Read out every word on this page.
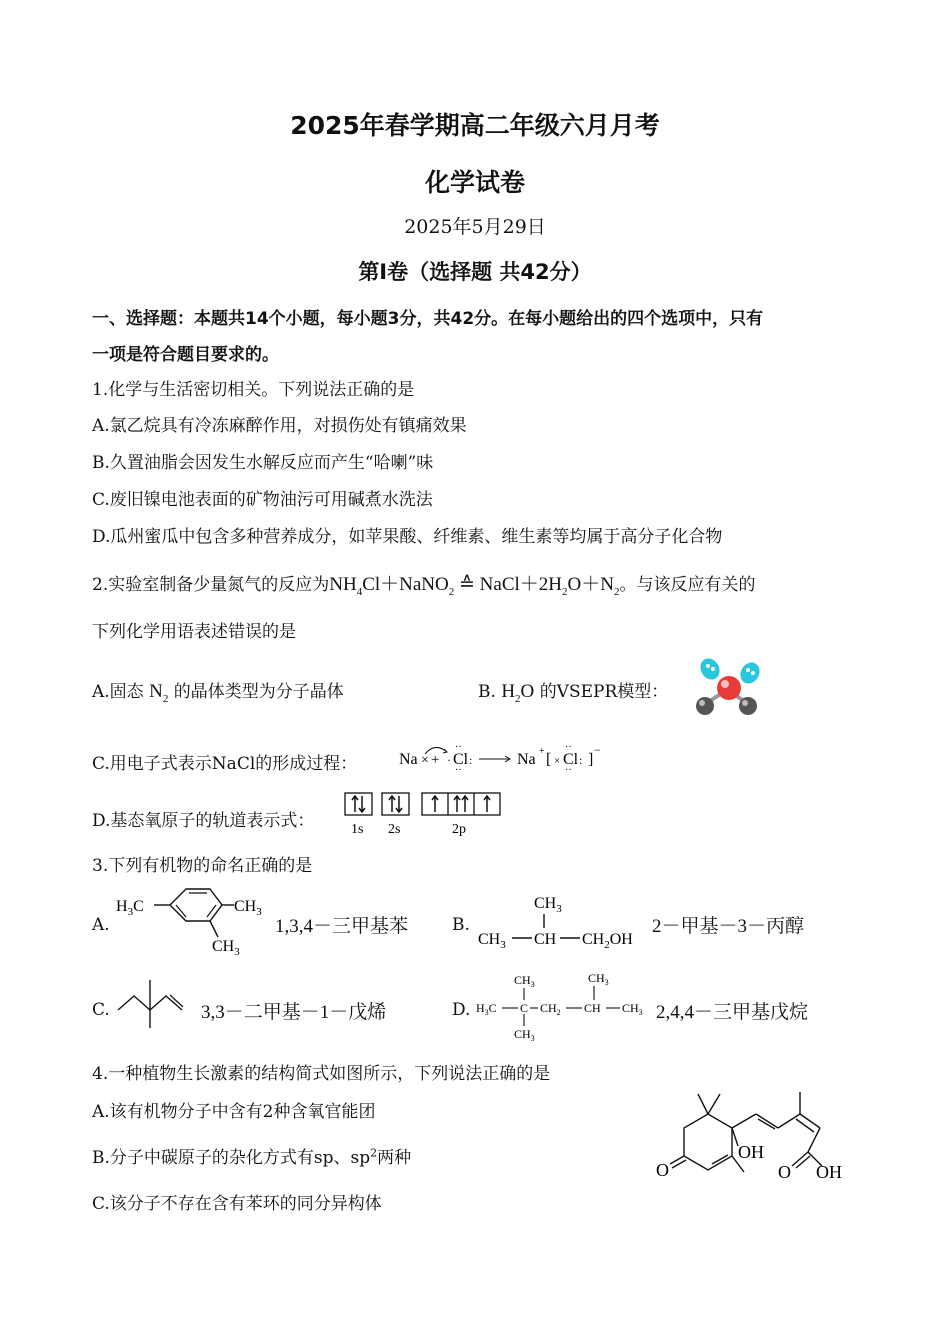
2025年春学期高二年级六月月考
化学试卷
2025年5月29日
第Ⅰ卷（选择题 共42分）
一、选择题：本题共14个小题，每小题3分，共42分。在每小题给出的四个选项中，只有
一项是符合题目要求的。
1.化学与生活密切相关。下列说法正确的是
A.氯乙烷具有冷冻麻醉作用，对损伤处有镇痛效果
B.久置油脂会因发生水解反应而产生“哈喇”味
C.废旧镍电池表面的矿物油污可用碱煮水洗法
D.瓜州蜜瓜中包含多种营养成分，如苹果酸、纤维素、维生素等均属于高分子化合物
2.实验室制备少量氮气的反应为$NH_4Cl+NaNO_2$ ≙ $NaCl+2H_2O+N_2$。与该反应有关的
下列化学用语表述错误的是
A.固态 $N_2$ 的晶体类型为分子晶体	B. $H_2O$ 的VSEPR模型：
C.用电子式表示NaCl的形成过程：	Na × + Cl
··
··
· :	Na + [ × Cl
··
··
: ]
−
D.基态氧原子的轨道表示式：	1s 2s	2p
3.下列有机物的命名正确的是
A.
$H_3C$	$CH_3$
$CH_3$
1,3,4－三甲基苯	B.
$CH_3$
$CH_3$ CH $CH_2OH$
2－甲基－3－丙醇
C.	3,3－二甲基－1－戊烯	D.
$CH_3$	$CH_3$
$H_3C$ C $CH_2$ CH $CH_3$
$CH_3$
2,4,4－三甲基戊烷
4.一种植物生长激素的结构简式如图所示，下列说法正确的是
A.该有机物分子中含有2种含氧官能团
B.分子中碳原子的杂化方式有sp、$sp^2$两种
C.该分子不存在含有苯环的同分异构体
O
OH
O OH
